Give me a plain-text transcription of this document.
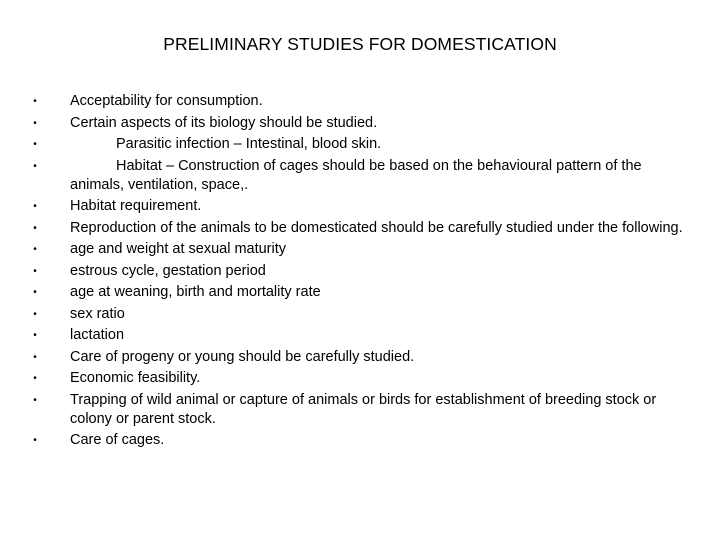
PRELIMINARY STUDIES FOR DOMESTICATION
• Acceptability for consumption.
• Certain aspects of its biology should be studied.
•	Parasitic infection – Intestinal, blood skin.
•	Habitat – Construction of cages should be based on the behavioural pattern of the animals, ventilation, space,.
• Habitat requirement.
• Reproduction of the animals to be domesticated should be carefully studied under the following.
• age and weight at sexual maturity
• estrous cycle, gestation period
• age at weaning, birth and mortality rate
• sex ratio
• lactation
• Care of progeny or young should be carefully studied.
• Economic feasibility.
• Trapping of wild animal or capture of animals or birds for establishment of breeding stock or colony or parent stock.
• Care of cages.
